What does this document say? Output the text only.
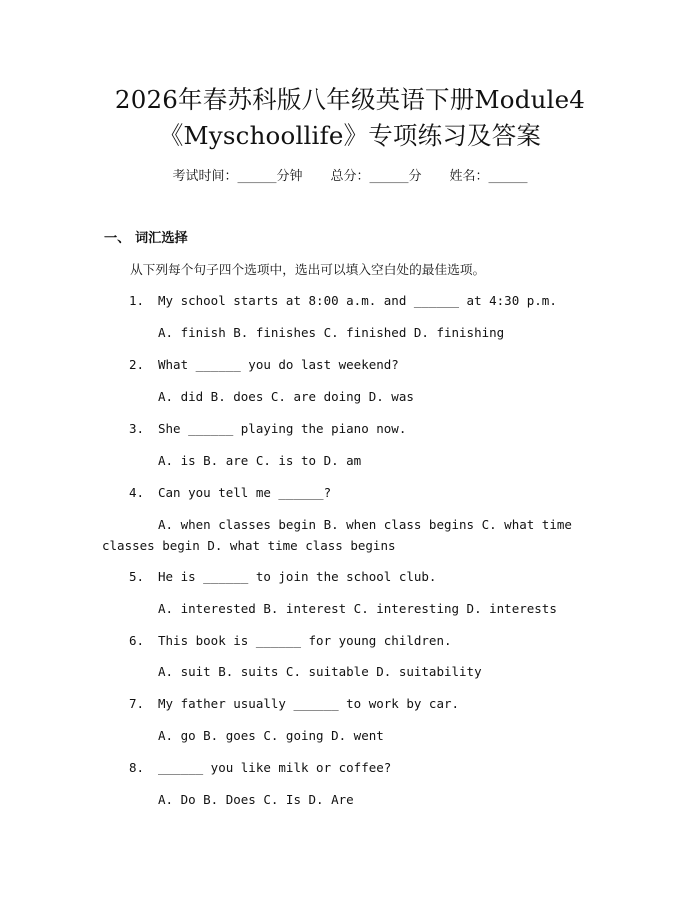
2026年春苏科版八年级英语下册Module4
《Myschoollife》专项练习及答案
考试时间：______分钟 总分：______分 姓名：______
一、 词汇选择
从下列每个句子四个选项中，选出可以填入空白处的最佳选项。
1. My school starts at 8:00 a.m. and ______ at 4:30 p.m.
A. finish B. finishes C. finished D. finishing
2. What ______ you do last weekend?
A. did B. does C. are doing D. was
3. She ______ playing the piano now.
A. is B. are C. is to D. am
4. Can you tell me ______?
A. when classes begin B. when class begins C. what time classes begin D. what time class begins
5. He is ______ to join the school club.
A. interested B. interest C. interesting D. interests
6. This book is ______ for young children.
A. suit B. suits C. suitable D. suitability
7. My father usually ______ to work by car.
A. go B. goes C. going D. went
8. ______ you like milk or coffee?
A. Do B. Does C. Is D. Are
